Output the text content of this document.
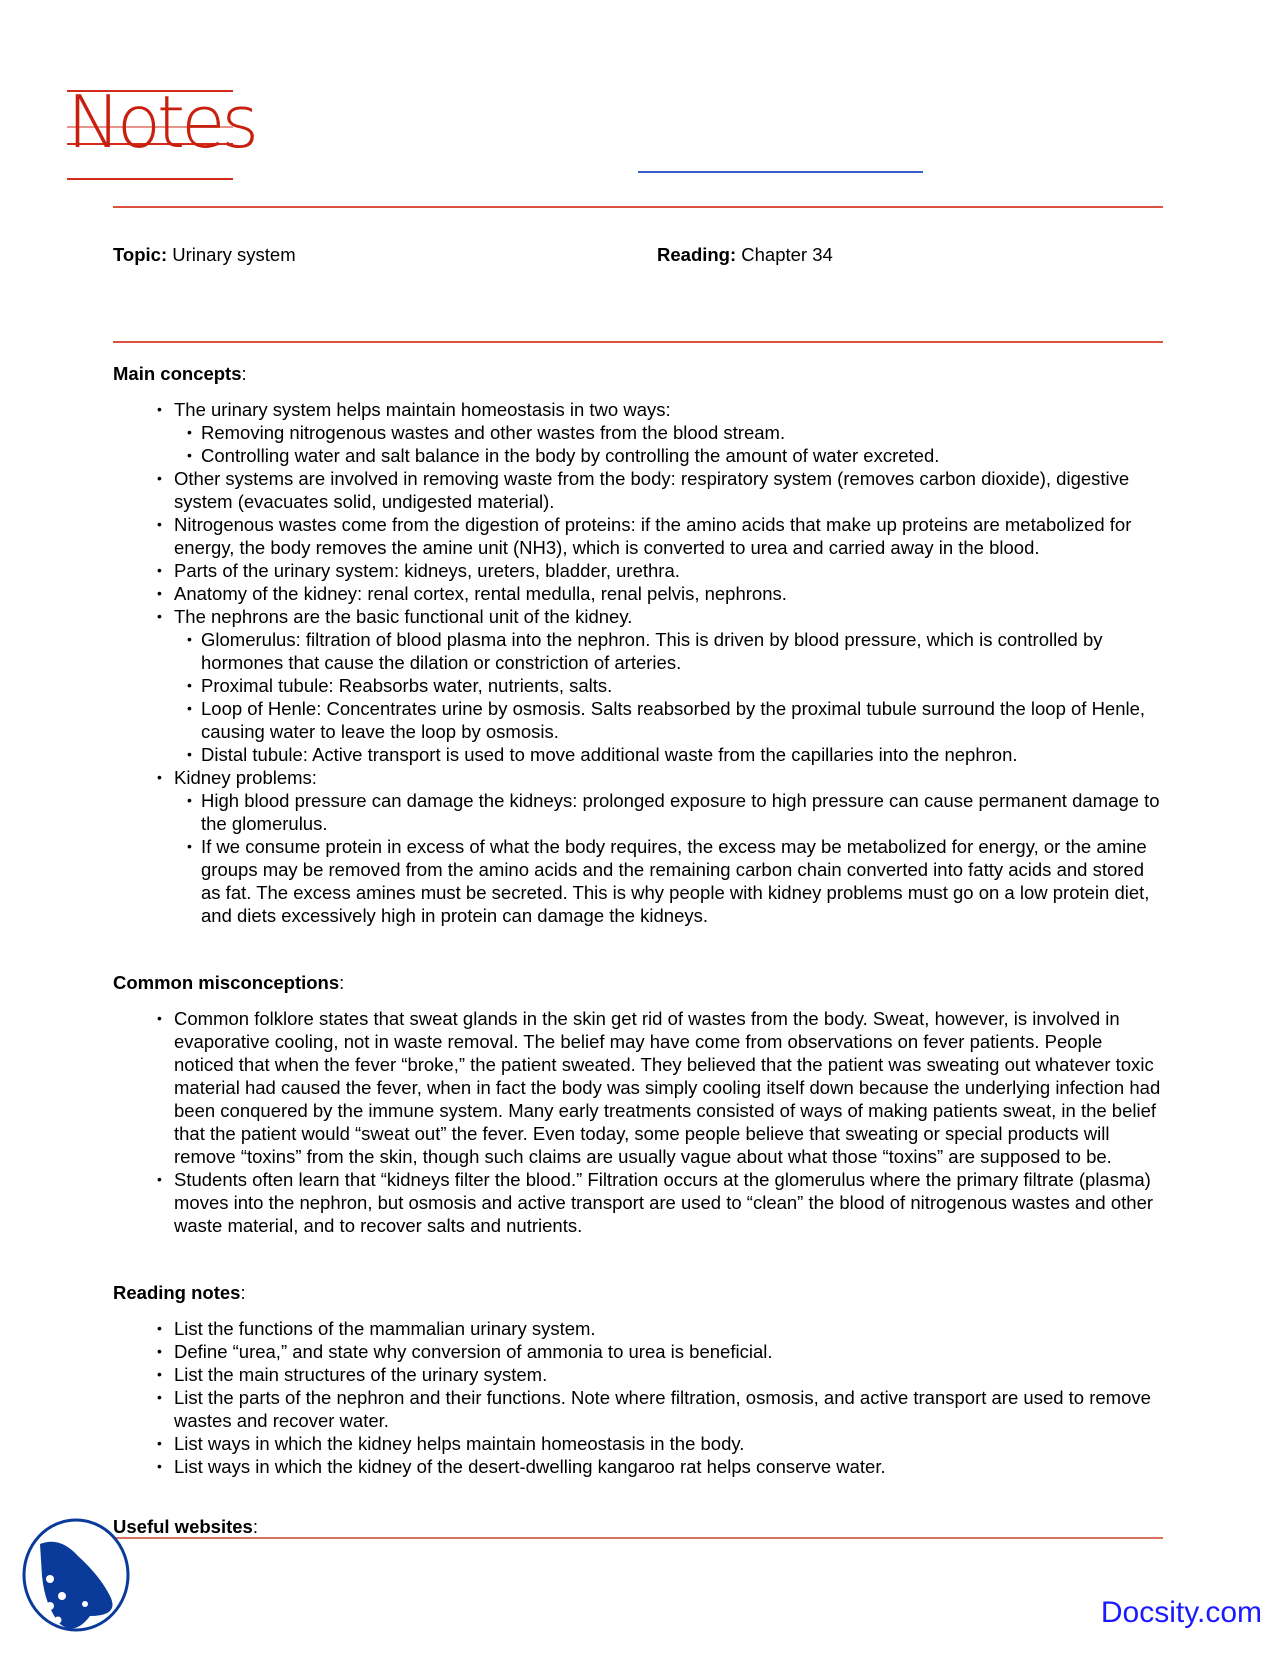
Notes
Topic: Urinary system	Reading: Chapter 34
Main concepts:
• The urinary system helps maintain homeostasis in two ways:
• Removing nitrogenous wastes and other wastes from the blood stream.
• Controlling water and salt balance in the body by controlling the amount of water excreted.
• Other systems are involved in removing waste from the body: respiratory system (removes carbon dioxide), digestive system (evacuates solid, undigested material).
• Nitrogenous wastes come from the digestion of proteins: if the amino acids that make up proteins are metabolized for energy, the body removes the amine unit (NH3), which is converted to urea and carried away in the blood.
• Parts of the urinary system: kidneys, ureters, bladder, urethra.
• Anatomy of the kidney: renal cortex, rental medulla, renal pelvis, nephrons.
• The nephrons are the basic functional unit of the kidney.
• Glomerulus: filtration of blood plasma into the nephron. This is driven by blood pressure, which is controlled by hormones that cause the dilation or constriction of arteries.
• Proximal tubule: Reabsorbs water, nutrients, salts.
• Loop of Henle: Concentrates urine by osmosis. Salts reabsorbed by the proximal tubule surround the loop of Henle, causing water to leave the loop by osmosis.
• Distal tubule: Active transport is used to move additional waste from the capillaries into the nephron.
• Kidney problems:
• High blood pressure can damage the kidneys: prolonged exposure to high pressure can cause permanent damage to the glomerulus.
• If we consume protein in excess of what the body requires, the excess may be metabolized for energy, or the amine groups may be removed from the amino acids and the remaining carbon chain converted into fatty acids and stored as fat. The excess amines must be secreted. This is why people with kidney problems must go on a low protein diet, and diets excessively high in protein can damage the kidneys.
Common misconceptions:
• Common folklore states that sweat glands in the skin get rid of wastes from the body. Sweat, however, is involved in evaporative cooling, not in waste removal. The belief may have come from observations on fever patients. People noticed that when the fever “broke,” the patient sweated. They believed that the patient was sweating out whatever toxic material had caused the fever, when in fact the body was simply cooling itself down because the underlying infection had been conquered by the immune system. Many early treatments consisted of ways of making patients sweat, in the belief that the patient would “sweat out” the fever. Even today, some people believe that sweating or special products will remove “toxins” from the skin, though such claims are usually vague about what those “toxins” are supposed to be.
• Students often learn that “kidneys filter the blood.” Filtration occurs at the glomerulus where the primary filtrate (plasma) moves into the nephron, but osmosis and active transport are used to “clean” the blood of nitrogenous wastes and other waste material, and to recover salts and nutrients.
Reading notes:
• List the functions of the mammalian urinary system.
• Define “urea,” and state why conversion of ammonia to urea is beneficial.
• List the main structures of the urinary system.
• List the parts of the nephron and their functions. Note where filtration, osmosis, and active transport are used to remove wastes and recover water.
• List ways in which the kidney helps maintain homeostasis in the body.
• List ways in which the kidney of the desert-dwelling kangaroo rat helps conserve water.
Useful websites:
Docsity.com
